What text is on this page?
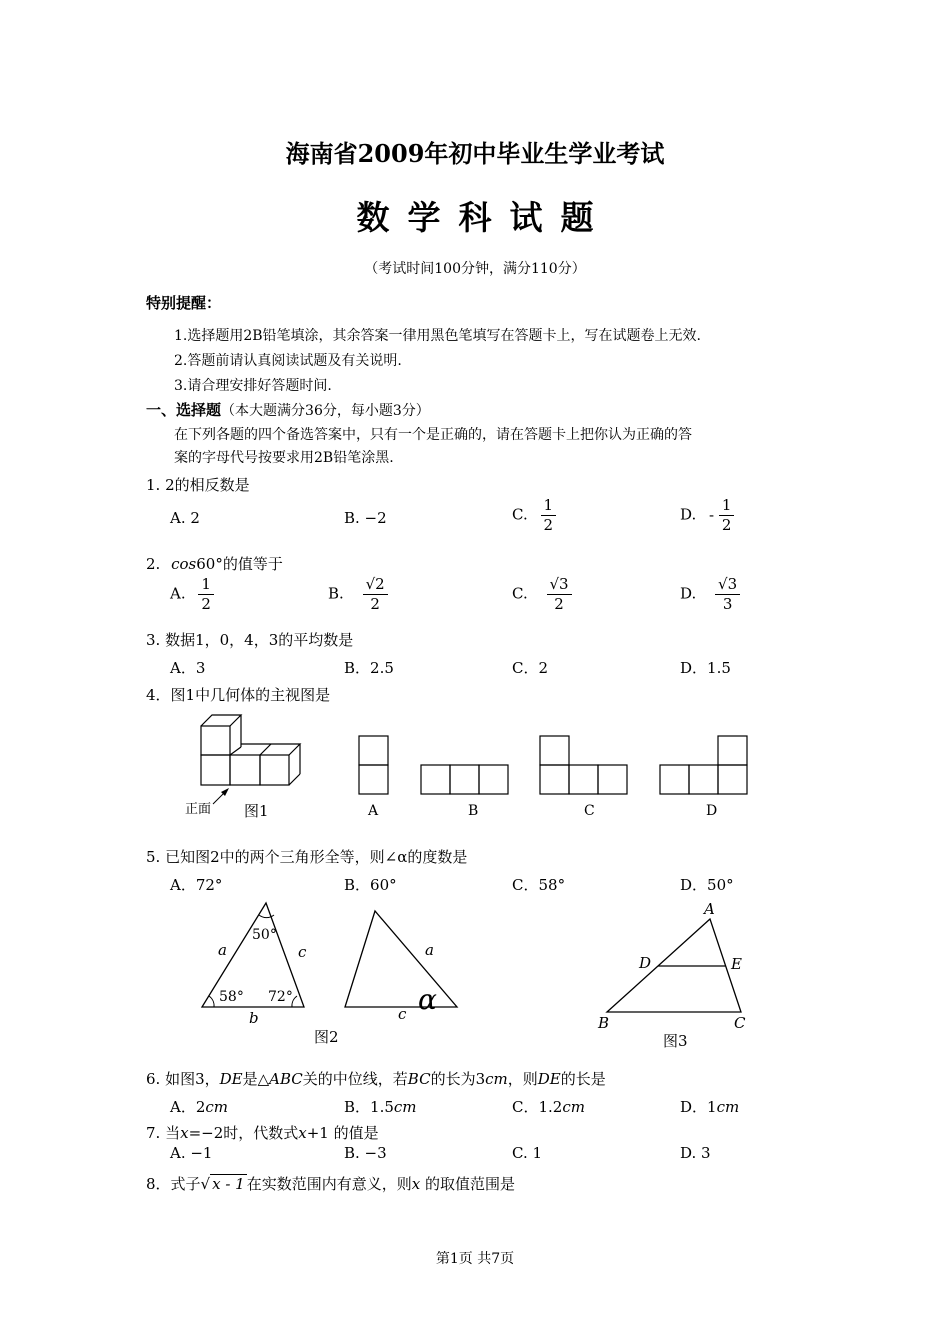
海南省2009年初中毕业生学业考试
数学科试题
（考试时间100分钟，满分110分）
特别提醒：
1.选择题用2B铅笔填涂，其余答案一律用黑色笔填写在答题卡上，写在试题卷上无效.
2.答题前请认真阅读试题及有关说明.
3.请合理安排好答题时间.
一、选择题（本大题满分36分，每小题3分）
在下列各题的四个备选答案中，只有一个是正确的，请在答题卡上把你认为正确的答
案的字母代号按要求用2B铅笔涂黑.
1. 2的相反数是
A. 2	B. −2	C. $\frac{1}{2}$	D. - $\frac{1}{2}$
2. cos60°的值等于
A. $\frac{1}{2}$	B. $\frac{√2}{2}$	C. $\frac{√3}{2}$	D. $\frac{√3}{3}$
3. 数据1，0，4，3的平均数是
A．3	B．2.5	C．2	D．1.5
4．图1中几何体的主视图是
正面 图1	A	B	C	D
5. 已知图2中的两个三角形全等，则∠α的度数是
A．72°	B．60°	C．58°	D．50°
50°
58° 72°
a	c
b
a
c α
图2
A
B	C
D	E
图3
6. 如图3，DE是△ABC关的中位线，若BC的长为3cm，则DE的长是
A．2cm	B．1.5cm	C．1.2cm	D．1cm
7. 当x=−2时，代数式x+1 的值是
A. −1	B. −3	C. 1	D. 3
8．式子√ x - 1 在实数范围内有意义，则x 的取值范围是
第1页 共7页
